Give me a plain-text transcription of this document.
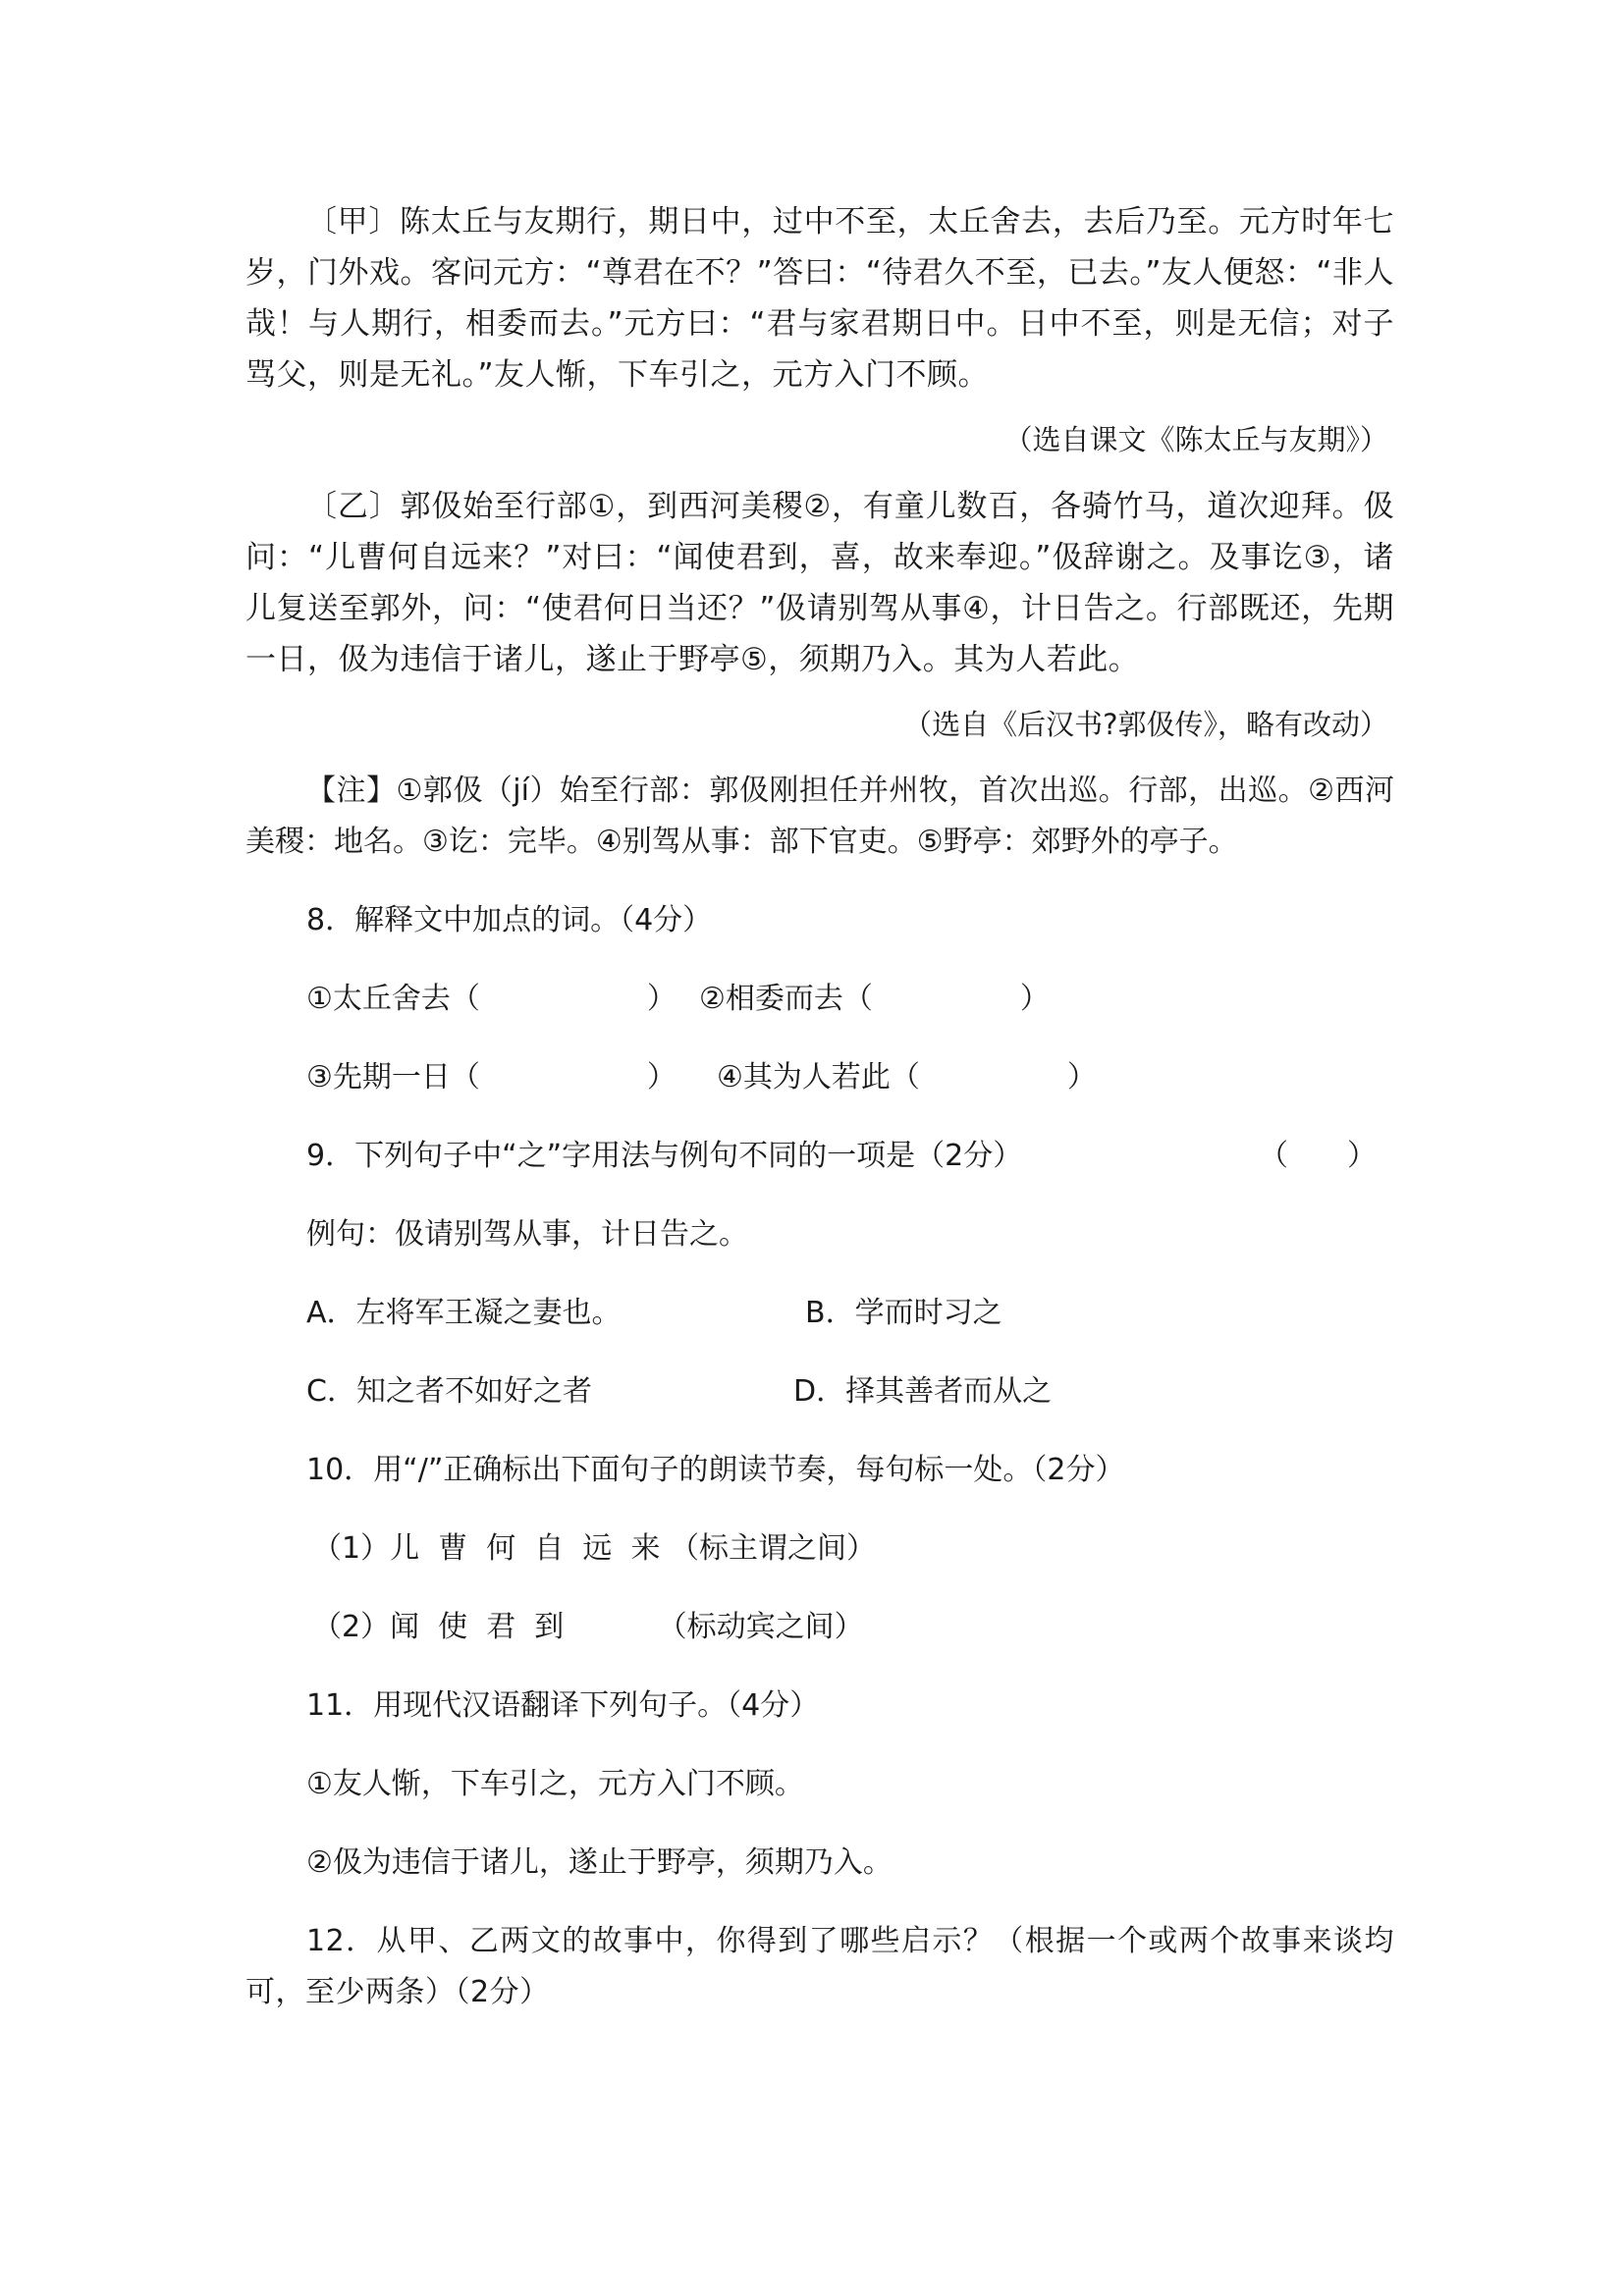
〔甲〕陈太丘与友期行，期日中，过中不至，太丘舍去，去后乃至。元方时年七岁，门外戏。客问元方：“尊君在不？”答曰：“待君久不至，已去。”友人便怒：“非人哉！与人期行，相委而去。”元方曰：“君与家君期日中。日中不至，则是无信；对子骂父，则是无礼。”友人惭，下车引之，元方入门不顾。

（选自课文《陈太丘与友期》）

〔乙〕郭伋始至行部①，到西河美稷②，有童儿数百，各骑竹马，道次迎拜。伋问：“儿曹何自远来？”对曰：“闻使君到，喜，故来奉迎。”伋辞谢之。及事讫③，诸儿复送至郭外，问：“使君何日当还？”伋请别驾从事④，计日告之。行部既还，先期一日，伋为违信于诸儿，遂止于野亭⑤，须期乃入。其为人若此。

（选自《后汉书?郭伋传》，略有改动）

【注】①郭伋（jí）始至行部：郭伋刚担任并州牧，首次出巡。行部，出巡。②西河美稷：地名。③讫：完毕。④别驾从事：部下官吏。⑤野亭：郊野外的亭子。

8．解释文中加点的词。（4分）

①太丘舍去（	） ②相委而去（	）
③先期一日（	）	④其为人若此（	）

9．下列句子中“之”字用法与例句不同的一项是（2分）	（　　）

例句：伋请别驾从事，计日告之。

A．左将军王凝之妻也。	B．学而时习之
C．知之者不如好之者	D．择其善者而从之

10．用“/”正确标出下面句子的朗读节奏，每句标一处。（2分）

（1）儿  曹  何  自  远  来 （标主谓之间）

（2）闻  使  君  到          （标动宾之间）

11．用现代汉语翻译下列句子。（4分）

①友人惭，下车引之，元方入门不顾。

②伋为违信于诸儿，遂止于野亭，须期乃入。

12．从甲、乙两文的故事中，你得到了哪些启示？（根据一个或两个故事来谈均可，至少两条）（2分）
